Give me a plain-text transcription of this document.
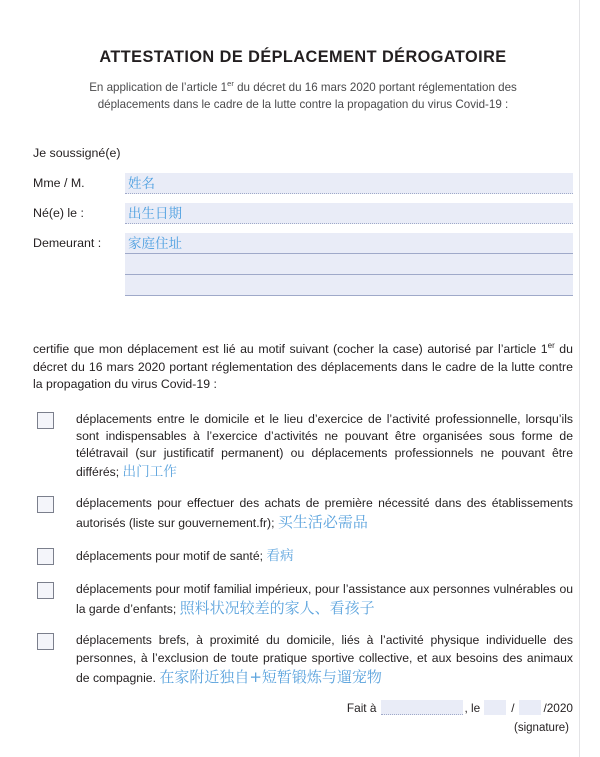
ATTESTATION DE DÉPLACEMENT DÉROGATOIRE

En application de l’article 1er du décret du 16 mars 2020 portant réglementation des déplacements dans le cadre de la lutte contre la propagation du virus Covid-19 :

Je soussigné(e)
Mme / M.
姓名
Né(e) le :
出生日期
Demeurant :
家庭住址

certifie que mon déplacement est lié au motif suivant (cocher la case) autorisé par l’article 1er du décret du 16 mars 2020 portant réglementation des déplacements dans le cadre de la lutte contre la propagation du virus Covid-19 :

déplacements entre le domicile et le lieu d’exercice de l’activité professionnelle, lorsqu’ils sont indispensables à l’exercice d’activités ne pouvant être organisées sous forme de télétravail (sur justificatif permanent) ou déplacements professionnels ne pouvant être différés; 出门工作
déplacements pour effectuer des achats de première nécessité dans des établissements autorisés (liste sur gouvernement.fr); 买生活必需品
déplacements pour motif de santé; 看病
déplacements pour motif familial impérieux, pour l’assistance aux personnes vulnérables ou la garde d’enfants; 照料状况较差的家人、看孩子
déplacements brefs, à proximité du domicile, liés à l’activité physique individuelle des personnes, à l’exclusion de toute pratique sportive collective, et aux besoins des animaux de compagnie. 在家附近独自+短暂锻炼与遛宠物
Fait à	, le	/ /2020
(signature)
